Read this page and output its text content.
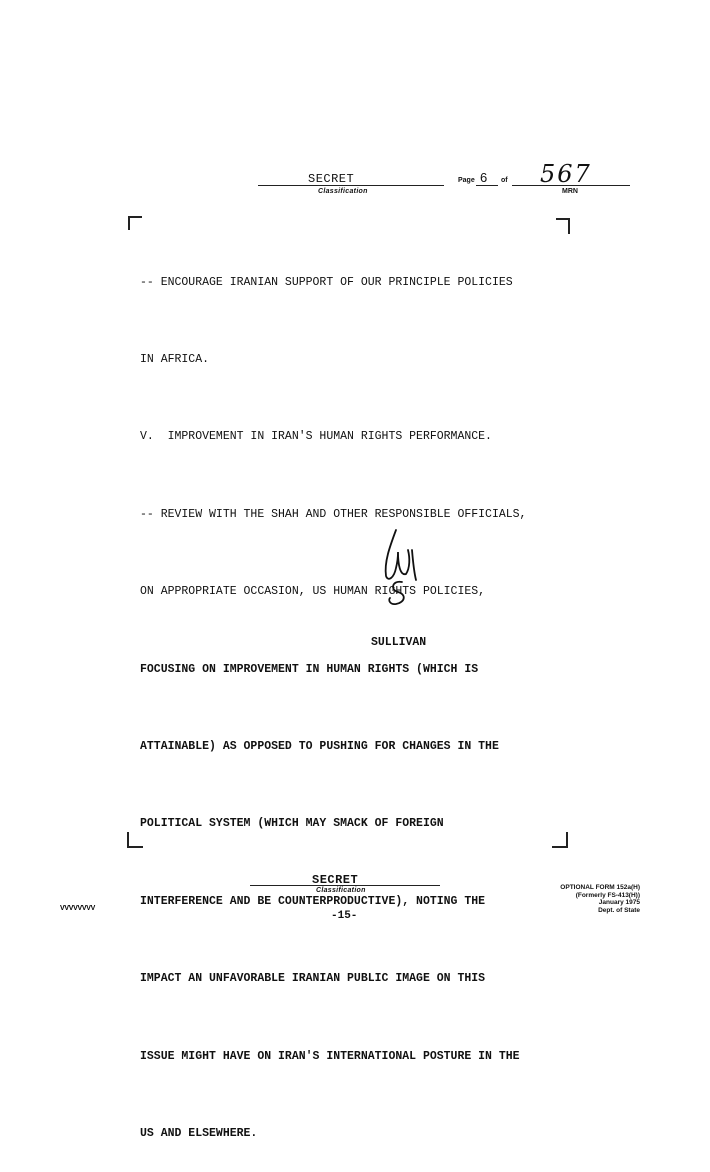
SECRET
Classification
Page 6 of 567
MRN

-- ENCOURAGE IRANIAN SUPPORT OF OUR PRINCIPLE POLICIES

IN AFRICA.

V.  IMPROVEMENT IN IRAN'S HUMAN RIGHTS PERFORMANCE.

-- REVIEW WITH THE SHAH AND OTHER RESPONSIBLE OFFICIALS,

ON APPROPRIATE OCCASION, US HUMAN RIGHTS POLICIES,

FOCUSING ON IMPROVEMENT IN HUMAN RIGHTS (WHICH IS

ATTAINABLE) AS OPPOSED TO PUSHING FOR CHANGES IN THE

POLITICAL SYSTEM (WHICH MAY SMACK OF FOREIGN

INTERFERENCE AND BE COUNTERPRODUCTIVE), NOTING THE

IMPACT AN UNFAVORABLE IRANIAN PUBLIC IMAGE ON THIS

ISSUE MIGHT HAVE ON IRAN'S INTERNATIONAL POSTURE IN THE

US AND ELSEWHERE.

SULLIVAN
SECRET
Classification
-15-
VVVVVVVV
OPTIONAL FORM 152a(H)
(Formerly FS-413(H))
January 1975
Dept. of State
